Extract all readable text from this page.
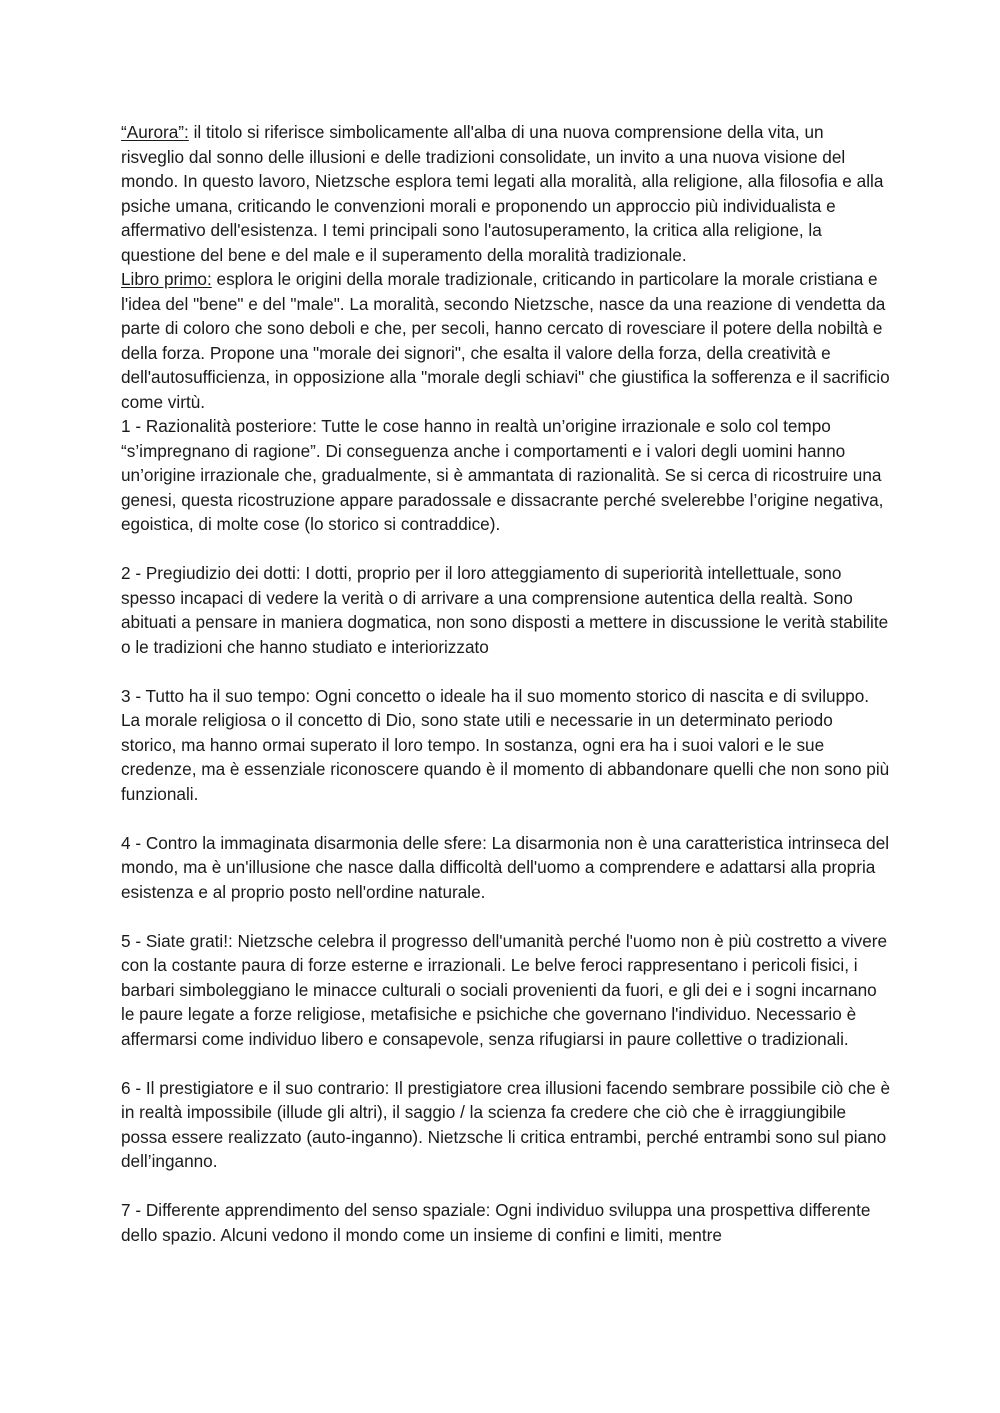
“Aurora”: il titolo si riferisce simbolicamente all'alba di una nuova comprensione della vita, un risveglio dal sonno delle illusioni e delle tradizioni consolidate, un invito a una nuova visione del mondo. In questo lavoro, Nietzsche esplora temi legati alla moralità, alla religione, alla filosofia e alla psiche umana, criticando le convenzioni morali e proponendo un approccio più individualista e affermativo dell'esistenza. I temi principali sono l'autosuperamento, la critica alla religione, la questione del bene e del male e il superamento della moralità tradizionale.

Libro primo: esplora le origini della morale tradizionale, criticando in particolare la morale cristiana e l'idea del "bene" e del "male". La moralità, secondo Nietzsche, nasce da una reazione di vendetta da parte di coloro che sono deboli e che, per secoli, hanno cercato di rovesciare il potere della nobiltà e della forza. Propone una "morale dei signori", che esalta il valore della forza, della creatività e dell'autosufficienza, in opposizione alla "morale degli schiavi" che giustifica la sofferenza e il sacrificio come virtù.

1 - Razionalità posteriore: Tutte le cose hanno in realtà un’origine irrazionale e solo col tempo “s’impregnano di ragione”. Di conseguenza anche i comportamenti e i valori degli uomini hanno un’origine irrazionale che, gradualmente, si è ammantata di razionalità. Se si cerca di ricostruire una genesi, questa ricostruzione appare paradossale e dissacrante perché svelerebbe l’origine negativa, egoistica, di molte cose (lo storico si contraddice).

2 - Pregiudizio dei dotti: I dotti, proprio per il loro atteggiamento di superiorità intellettuale, sono spesso incapaci di vedere la verità o di arrivare a una comprensione autentica della realtà. Sono abituati a pensare in maniera dogmatica, non sono disposti a mettere in discussione le verità stabilite o le tradizioni che hanno studiato e interiorizzato

3 - Tutto ha il suo tempo: Ogni concetto o ideale ha il suo momento storico di nascita e di sviluppo. La morale religiosa o il concetto di Dio, sono state utili e necessarie in un determinato periodo storico, ma hanno ormai superato il loro tempo. In sostanza, ogni era ha i suoi valori e le sue credenze, ma è essenziale riconoscere quando è il momento di abbandonare quelli che non sono più funzionali.

4 - Contro la immaginata disarmonia delle sfere: La disarmonia non è una caratteristica intrinseca del mondo, ma è un'illusione che nasce dalla difficoltà dell'uomo a comprendere e adattarsi alla propria esistenza e al proprio posto nell'ordine naturale.

5 - Siate grati!: Nietzsche celebra il progresso dell'umanità perché l'uomo non è più costretto a vivere con la costante paura di forze esterne e irrazionali. Le belve feroci rappresentano i pericoli fisici, i barbari simboleggiano le minacce culturali o sociali provenienti da fuori, e gli dei e i sogni incarnano le paure legate a forze religiose, metafisiche e psichiche che governano l'individuo. Necessario è affermarsi come individuo libero e consapevole, senza rifugiarsi in paure collettive o tradizionali.

6 - Il prestigiatore e il suo contrario: Il prestigiatore crea illusioni facendo sembrare possibile ciò che è in realtà impossibile (illude gli altri), il saggio / la scienza fa credere che ciò che è irraggiungibile possa essere realizzato (auto-inganno). Nietzsche li critica entrambi, perché entrambi sono sul piano dell’inganno.

7 - Differente apprendimento del senso spaziale: Ogni individuo sviluppa una prospettiva differente dello spazio. Alcuni vedono il mondo come un insieme di confini e limiti, mentre
